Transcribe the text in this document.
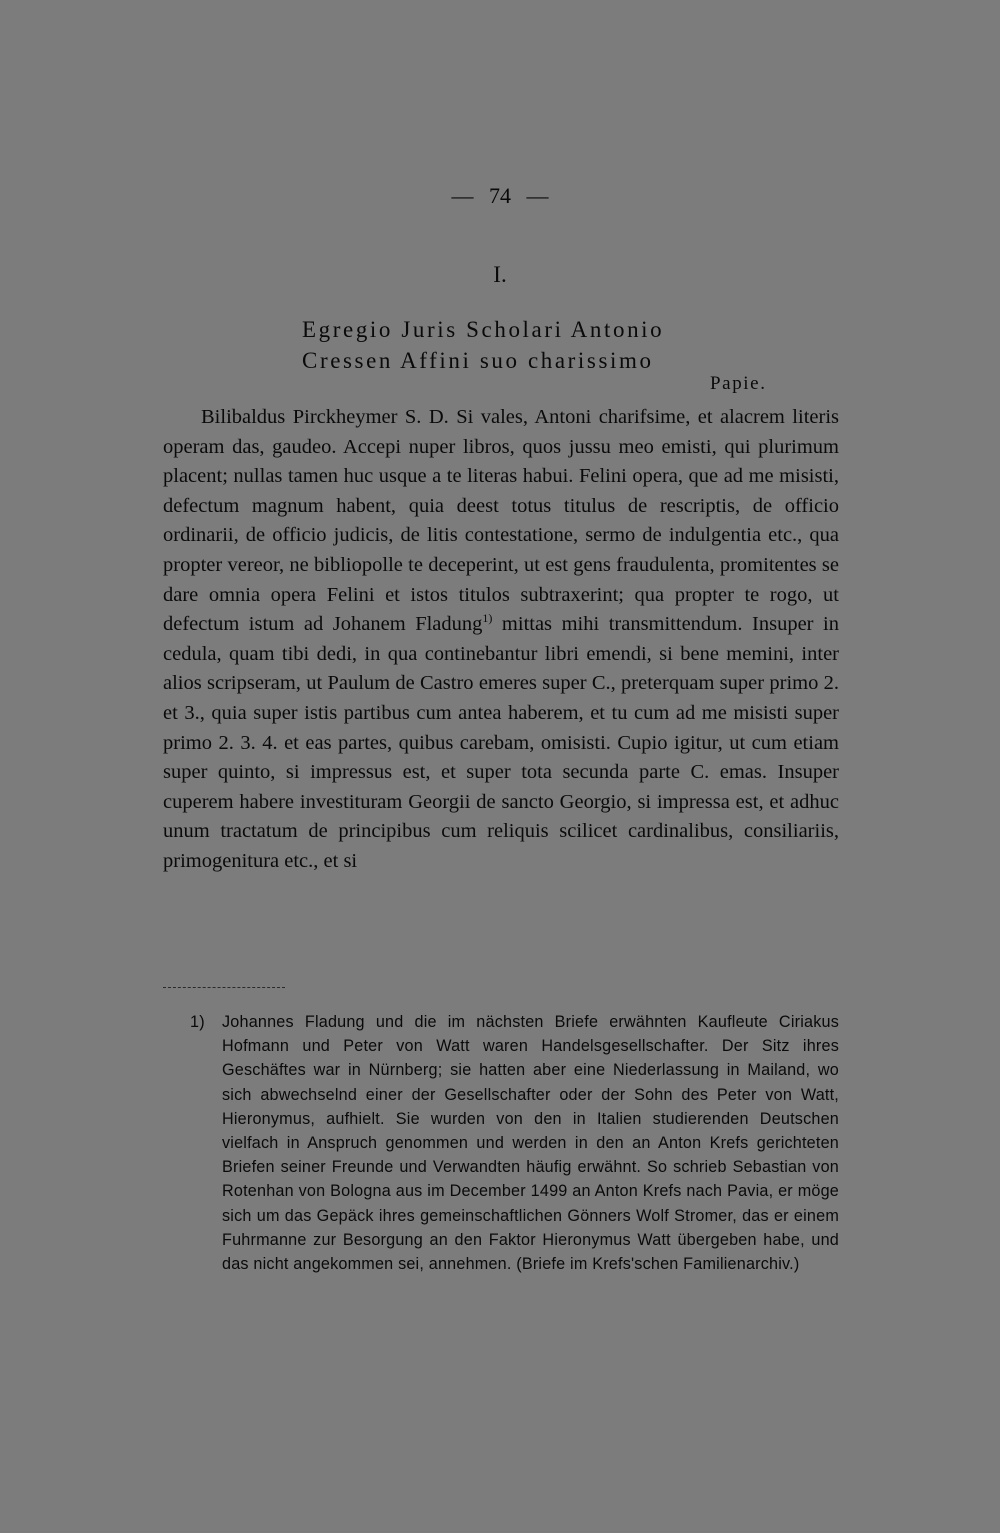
— 74 —
I.
Egregio Juris Scholari Antonio
Cressen Affini suo charissimo
Papie.

Bilibaldus Pirckheymer S. D. Si vales, Antoni charifsime, et alacrem literis operam das, gaudeo. Accepi nuper libros, quos jussu meo emisti, qui plurimum placent; nullas tamen huc usque a te literas habui. Felini opera, que ad me misisti, defectum magnum habent, quia deest totus titulus de rescriptis, de officio ordinarii, de officio judicis, de litis contestatione, sermo de indulgentia etc., qua propter vereor, ne bibliopolle te deceperint, ut est gens fraudulenta, promitentes se dare omnia opera Felini et istos titulos subtraxerint; qua propter te rogo, ut defectum istum ad Johanem Fladung$^{1)}$ mittas mihi transmittendum. Insuper in cedula, quam tibi dedi, in qua continebantur libri emendi, si bene memini, inter alios scripseram, ut Paulum de Castro emeres super C., preterquam super primo 2. et 3., quia super istis partibus cum antea haberem, et tu cum ad me misisti super primo 2. 3. 4. et eas partes, quibus carebam, omisisti. Cupio igitur, ut cum etiam super quinto, si impressus est, et super tota secunda parte C. emas. Insuper cuperem habere investituram Georgii de sancto Georgio, si impressa est, et adhuc unum tractatum de principibus cum reliquis scilicet cardinalibus, consiliariis, primogenitura etc., et si

1) Johannes Fladung und die im nächsten Briefe erwähnten Kaufleute Ciriakus Hofmann und Peter von Watt waren Handelsgesellschafter. Der Sitz ihres Geschäftes war in Nürnberg; sie hatten aber eine Niederlassung in Mailand, wo sich abwechselnd einer der Gesellschafter oder der Sohn des Peter von Watt, Hieronymus, aufhielt. Sie wurden von den in Italien studierenden Deutschen vielfach in Anspruch genommen und werden in den an Anton Krefs gerichteten Briefen seiner Freunde und Verwandten häufig erwähnt. So schrieb Sebastian von Rotenhan von Bologna aus im December 1499 an Anton Krefs nach Pavia, er möge sich um das Gepäck ihres gemeinschaftlichen Gönners Wolf Stromer, das er einem Fuhrmanne zur Besorgung an den Faktor Hieronymus Watt übergeben habe, und das nicht angekommen sei, annehmen. (Briefe im Krefs'schen Familienarchiv.)
